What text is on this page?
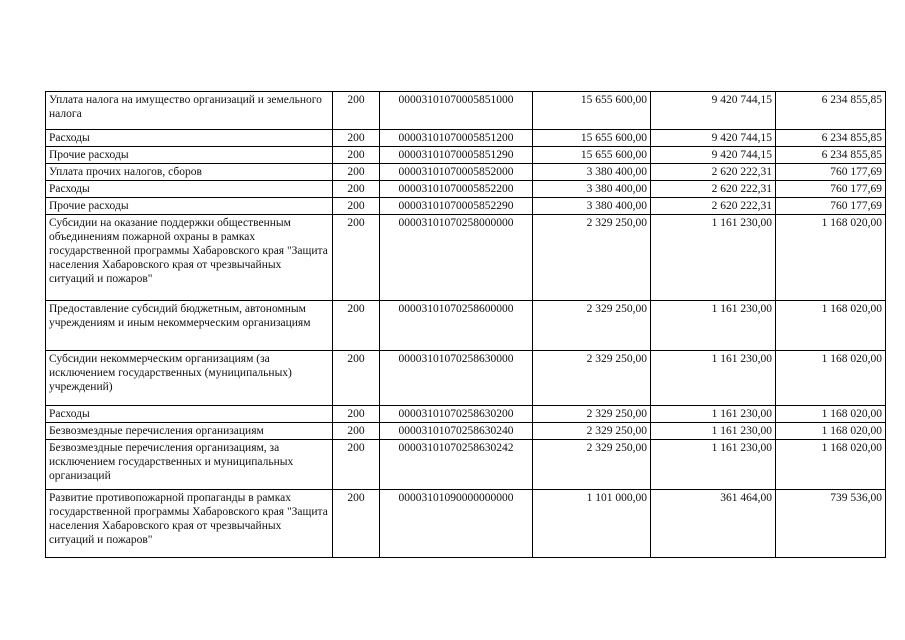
Уплата налога на имущество организаций и земельного налога	200	00003101070005851000	15 655 600,00	9 420 744,15	6 234 855,85
Расходы	200	00003101070005851200	15 655 600,00	9 420 744,15	6 234 855,85
Прочие расходы	200	00003101070005851290	15 655 600,00	9 420 744,15	6 234 855,85
Уплата прочих налогов, сборов	200	00003101070005852000	3 380 400,00	2 620 222,31	760 177,69
Расходы	200	00003101070005852200	3 380 400,00	2 620 222,31	760 177,69
Прочие расходы	200	00003101070005852290	3 380 400,00	2 620 222,31	760 177,69
Субсидии на оказание поддержки общественным объединениям пожарной охраны в рамках государственной программы Хабаровского края "Защита населения Хабаровского края от чрезвычайных ситуаций и пожаров"	200	00003101070258000000	2 329 250,00	1 161 230,00	1 168 020,00
Предоставление субсидий бюджетным, автономным учреждениям и иным некоммерческим организациям	200	00003101070258600000	2 329 250,00	1 161 230,00	1 168 020,00
Субсидии некоммерческим организациям (за исключением государственных (муниципальных) учреждений)	200	00003101070258630000	2 329 250,00	1 161 230,00	1 168 020,00
Расходы	200	00003101070258630200	2 329 250,00	1 161 230,00	1 168 020,00
Безвозмездные перечисления организациям	200	00003101070258630240	2 329 250,00	1 161 230,00	1 168 020,00
Безвозмездные перечисления организациям, за исключением государственных и муниципальных организаций	200	00003101070258630242	2 329 250,00	1 161 230,00	1 168 020,00
Развитие противопожарной пропаганды в рамках государственной программы Хабаровского края "Защита населения Хабаровского края от чрезвычайных ситуаций и пожаров"	200	00003101090000000000	1 101 000,00	361 464,00	739 536,00
